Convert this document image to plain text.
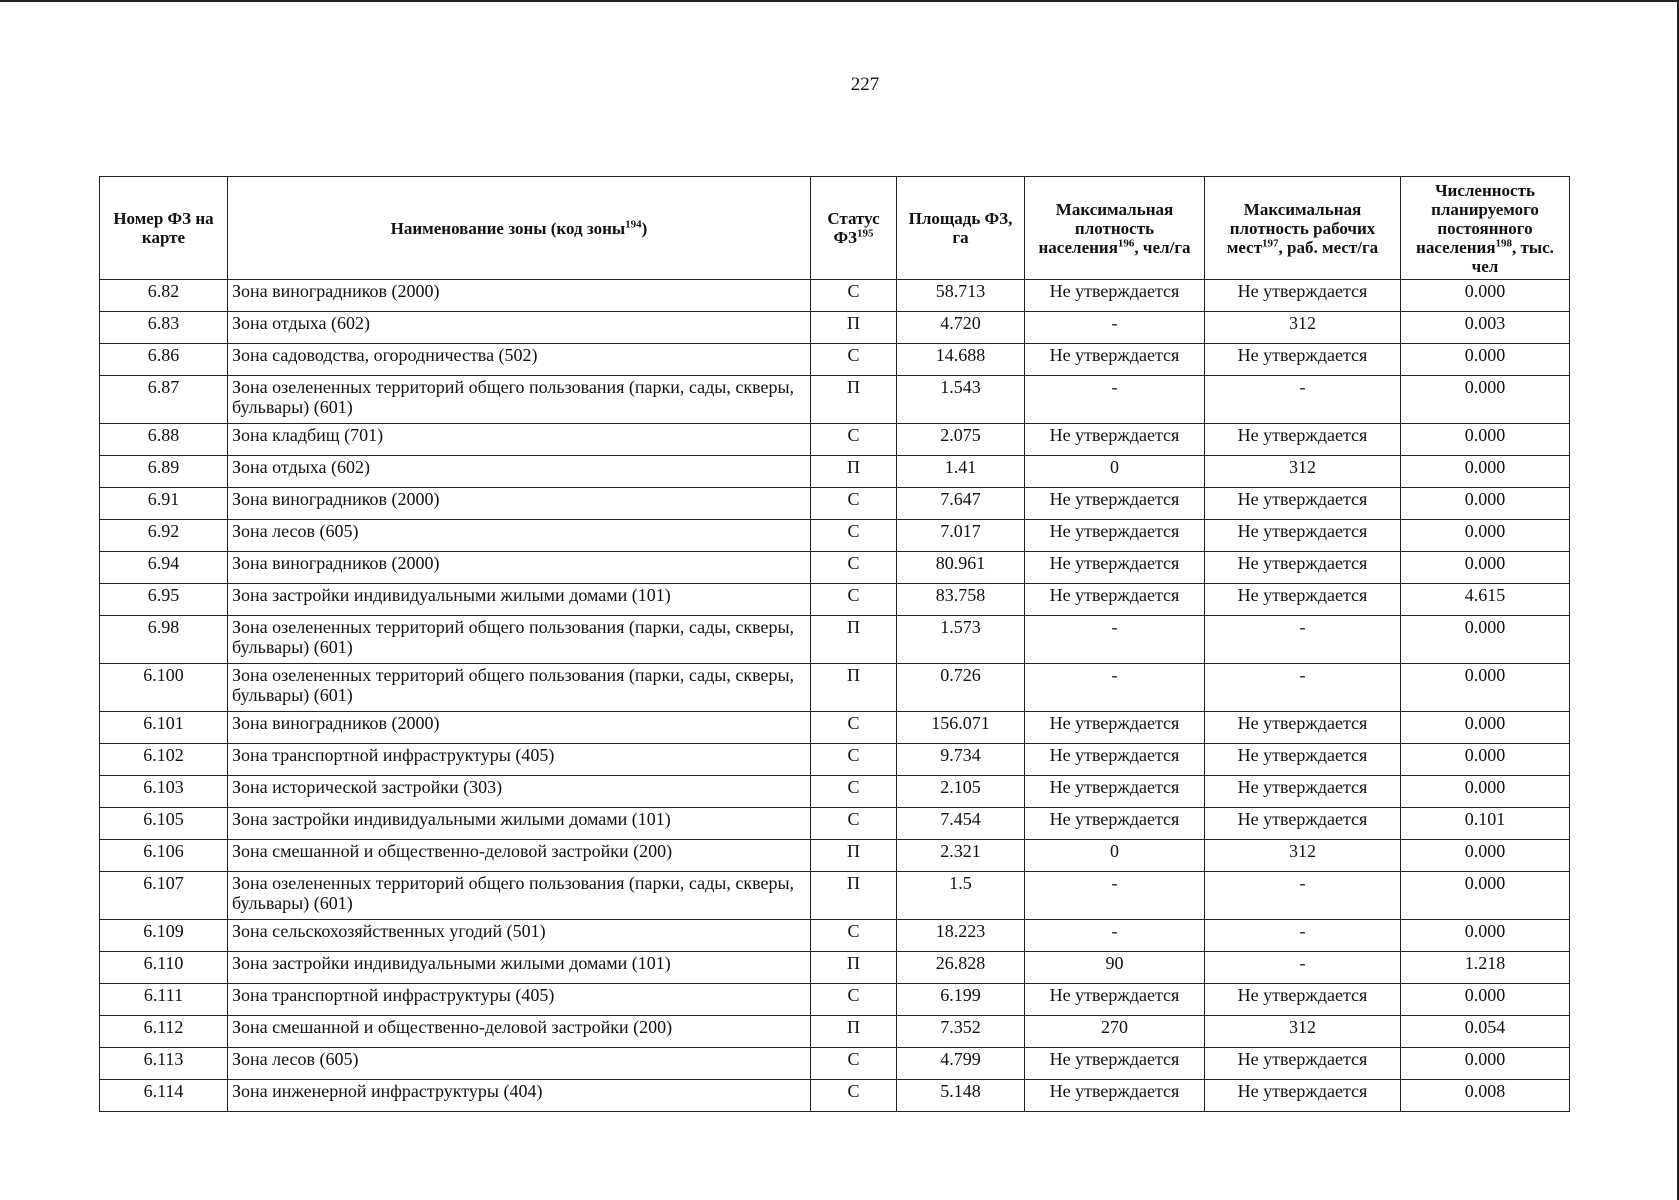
227
Номер ФЗ на карте	Наименование зоны (код зоны$^{194}$)	Статус ФЗ$^{195}$	Площадь ФЗ, га	Максимальная плотность населения$^{196}$, чел/га	Максимальная плотность рабочих мест$^{197}$, раб. мест/га	Численность планируемого постоянного населения$^{198}$, тыс. чел
6.82	Зона виноградников (2000)	С	58.713	Не утверждается	Не утверждается	0.000
6.83	Зона отдыха (602)	П	4.720	-	312	0.003
6.86	Зона садоводства, огородничества (502)	С	14.688	Не утверждается	Не утверждается	0.000
6.87	Зона озелененных территорий общего пользования (парки, сады, скверы, бульвары) (601)	П	1.543	-	-	0.000
6.88	Зона кладбищ (701)	С	2.075	Не утверждается	Не утверждается	0.000
6.89	Зона отдыха (602)	П	1.41	0	312	0.000
6.91	Зона виноградников (2000)	С	7.647	Не утверждается	Не утверждается	0.000
6.92	Зона лесов (605)	С	7.017	Не утверждается	Не утверждается	0.000
6.94	Зона виноградников (2000)	С	80.961	Не утверждается	Не утверждается	0.000
6.95	Зона застройки индивидуальными жилыми домами (101)	С	83.758	Не утверждается	Не утверждается	4.615
6.98	Зона озелененных территорий общего пользования (парки, сады, скверы, бульвары) (601)	П	1.573	-	-	0.000
6.100	Зона озелененных территорий общего пользования (парки, сады, скверы, бульвары) (601)	П	0.726	-	-	0.000
6.101	Зона виноградников (2000)	С	156.071	Не утверждается	Не утверждается	0.000
6.102	Зона транспортной инфраструктуры (405)	С	9.734	Не утверждается	Не утверждается	0.000
6.103	Зона исторической застройки (303)	С	2.105	Не утверждается	Не утверждается	0.000
6.105	Зона застройки индивидуальными жилыми домами (101)	С	7.454	Не утверждается	Не утверждается	0.101
6.106	Зона смешанной и общественно-деловой застройки (200)	П	2.321	0	312	0.000
6.107	Зона озелененных территорий общего пользования (парки, сады, скверы, бульвары) (601)	П	1.5	-	-	0.000
6.109	Зона сельскохозяйственных угодий (501)	С	18.223	-	-	0.000
6.110	Зона застройки индивидуальными жилыми домами (101)	П	26.828	90	-	1.218
6.111	Зона транспортной инфраструктуры (405)	С	6.199	Не утверждается	Не утверждается	0.000
6.112	Зона смешанной и общественно-деловой застройки (200)	П	7.352	270	312	0.054
6.113	Зона лесов (605)	С	4.799	Не утверждается	Не утверждается	0.000
6.114	Зона инженерной инфраструктуры (404)	С	5.148	Не утверждается	Не утверждается	0.008
